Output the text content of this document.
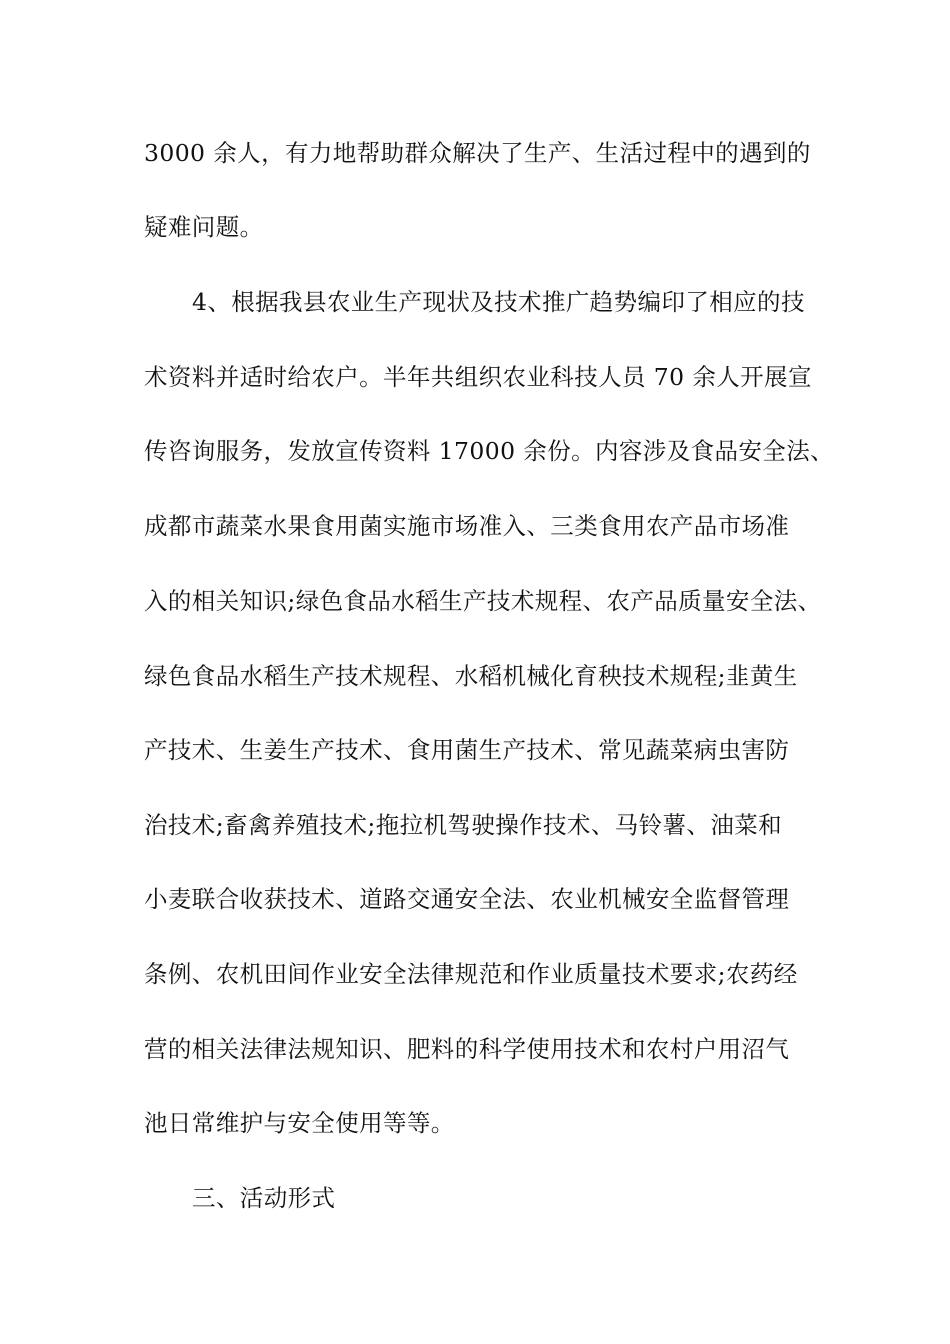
3000 余人，有力地帮助群众解决了生产、生活过程中的遇到的
疑难问题。
4、根据我县农业生产现状及技术推广趋势编印了相应的技
术资料并适时给农户。半年共组织农业科技人员 70 余人开展宣
传咨询服务，发放宣传资料 17000 余份。内容涉及食品安全法、
成都市蔬菜水果食用菌实施市场准入、三类食用农产品市场准
入的相关知识;绿色食品水稻生产技术规程、农产品质量安全法、
绿色食品水稻生产技术规程、水稻机械化育秧技术规程;韭黄生
产技术、生姜生产技术、食用菌生产技术、常见蔬菜病虫害防
治技术;畜禽养殖技术;拖拉机驾驶操作技术、马铃薯、油菜和
小麦联合收获技术、道路交通安全法、农业机械安全监督管理
条例、农机田间作业安全法律规范和作业质量技术要求;农药经
营的相关法律法规知识、肥料的科学使用技术和农村户用沼气
池日常维护与安全使用等等。
三、活动形式
